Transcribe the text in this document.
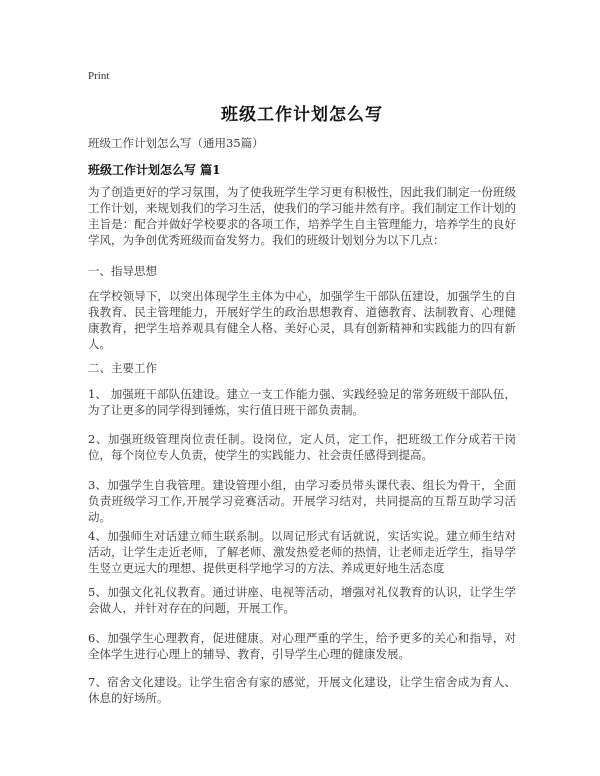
Print
班级工作计划怎么写
班级工作计划怎么写（通用35篇）
班级工作计划怎么写 篇1

为了创造更好的学习氛围，为了使我班学生学习更有积极性，因此我们制定一份班级工作计划，来规划我们的学习生活，使我们的学习能井然有序。我们制定工作计划的主旨是：配合并做好学校要求的各项工作，培养学生自主管理能力，培养学生的良好学风，为争创优秀班级而奋发努力。我们的班级计划划分为以下几点：

一、指导思想

在学校领导下，以突出体现学生主体为中心，加强学生干部队伍建设，加强学生的自我教育、民主管理能力，开展好学生的政治思想教育、道德教育、法制教育、心理健康教育，把学生培养观具有健全人格、美好心灵，具有创新精神和实践能力的四有新人。

二、主要工作

1、 加强班干部队伍建设。建立一支工作能力强、实践经验足的常务班级干部队伍， 为了让更多的同学得到锤炼，实行值日班干部负责制。

2、加强班级管理岗位责任制。设岗位，定人员，定工作，把班级工作分成若干岗位，每个岗位专人负责，使学生的实践能力、社会责任感得到提高。

3、加强学生自我管理。建设管理小组，由学习委员带头课代表、组长为骨干，全面负责班级学习工作,开展学习竞赛活动。开展学习结对，共同提高的互帮互助学习活动。

4、加强师生对话建立师生联系制。以周记形式有话就说，实话实说。建立师生结对活动，让学生走近老师，了解老师、激发热爱老师的热情，让老师走近学生，指导学生竖立更远大的理想、提供更科学地学习的方法、养成更好地生活态度

5、加强文化礼仪教育。通过讲座、电视等活动，增强对礼仪教育的认识，让学生学会做人，并针对存在的问题，开展工作。

6、加强学生心理教育，促进健康。对心理严重的学生，给予更多的关心和指导，对全体学生进行心理上的辅导、教育，引导学生心理的健康发展。

7、宿舍文化建设。让学生宿舍有家的感觉，开展文化建设，让学生宿舍成为育人、休息的好场所。
